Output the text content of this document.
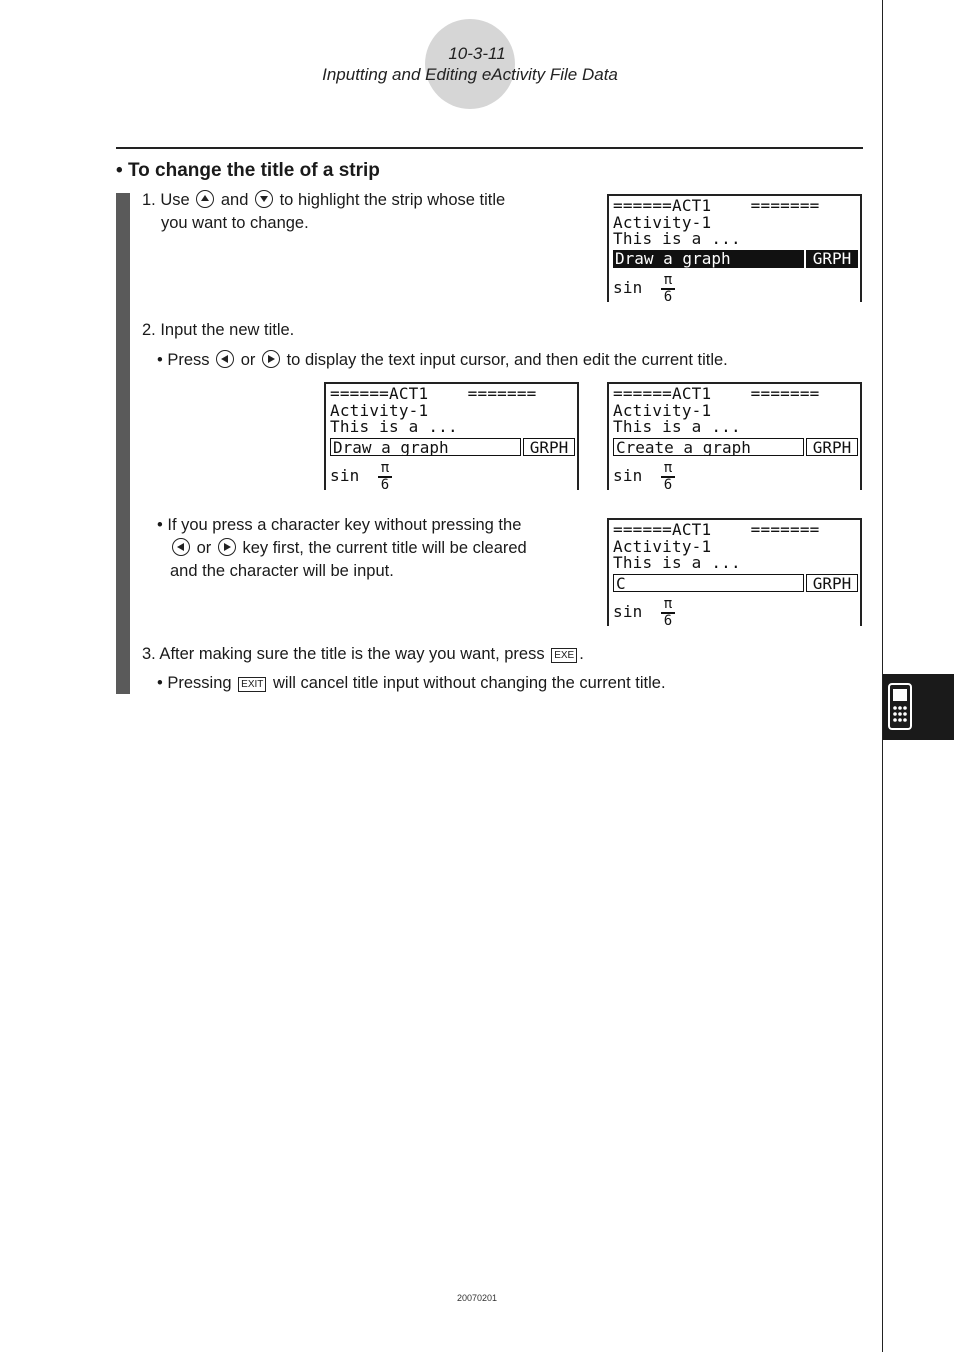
10-3-11
Inputting and Editing eActivity File Data
• To change the title of a strip
1. Use and to highlight the strip whose title
you want to change.
======ACT1    =======
Activity-1
This is a ...
Draw a graph	GRPH
sin π
6
2. Input the new title.
• Press or to display the text input cursor, and then edit the current title.
======ACT1    =======
Activity-1
This is a ...
Draw a graph	GRPH
sin π
6
======ACT1    =======
Activity-1
This is a ...
Create a graph	GRPH
sin π
6
• If you press a character key without pressing the
or key first, the current title will be cleared
and the character will be input.
======ACT1    =======
Activity-1
This is a ...
C	GRPH
sin π
6
3. After making sure the title is the way you want, press EXE .
• Pressing EXIT will cancel title input without changing the current title.
20070201
